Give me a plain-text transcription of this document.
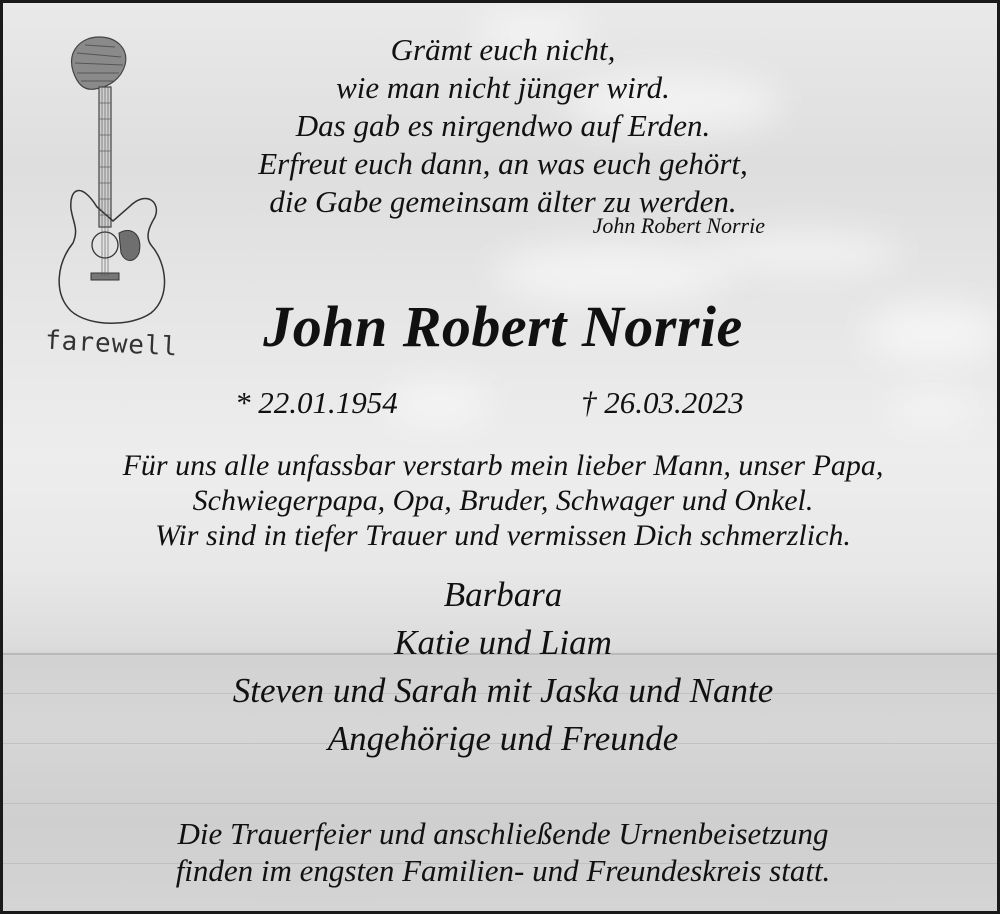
farewell
Grämt euch nicht,
wie man nicht jünger wird.
Das gab es nirgendwo auf Erden.
Erfreut euch dann, an was euch gehört,
die Gabe gemeinsam älter zu werden.
John Robert Norrie
John Robert Norrie
* 22.01.1954	† 26.03.2023
Für uns alle unfassbar verstarb mein lieber Mann, unser Papa,
Schwiegerpapa, Opa, Bruder, Schwager und Onkel.
Wir sind in tiefer Trauer und vermissen Dich schmerzlich.
Barbara
Katie und Liam
Steven und Sarah mit Jaska und Nante
Angehörige und Freunde
Die Trauerfeier und anschließende Urnenbeisetzung
finden im engsten Familien- und Freundeskreis statt.
